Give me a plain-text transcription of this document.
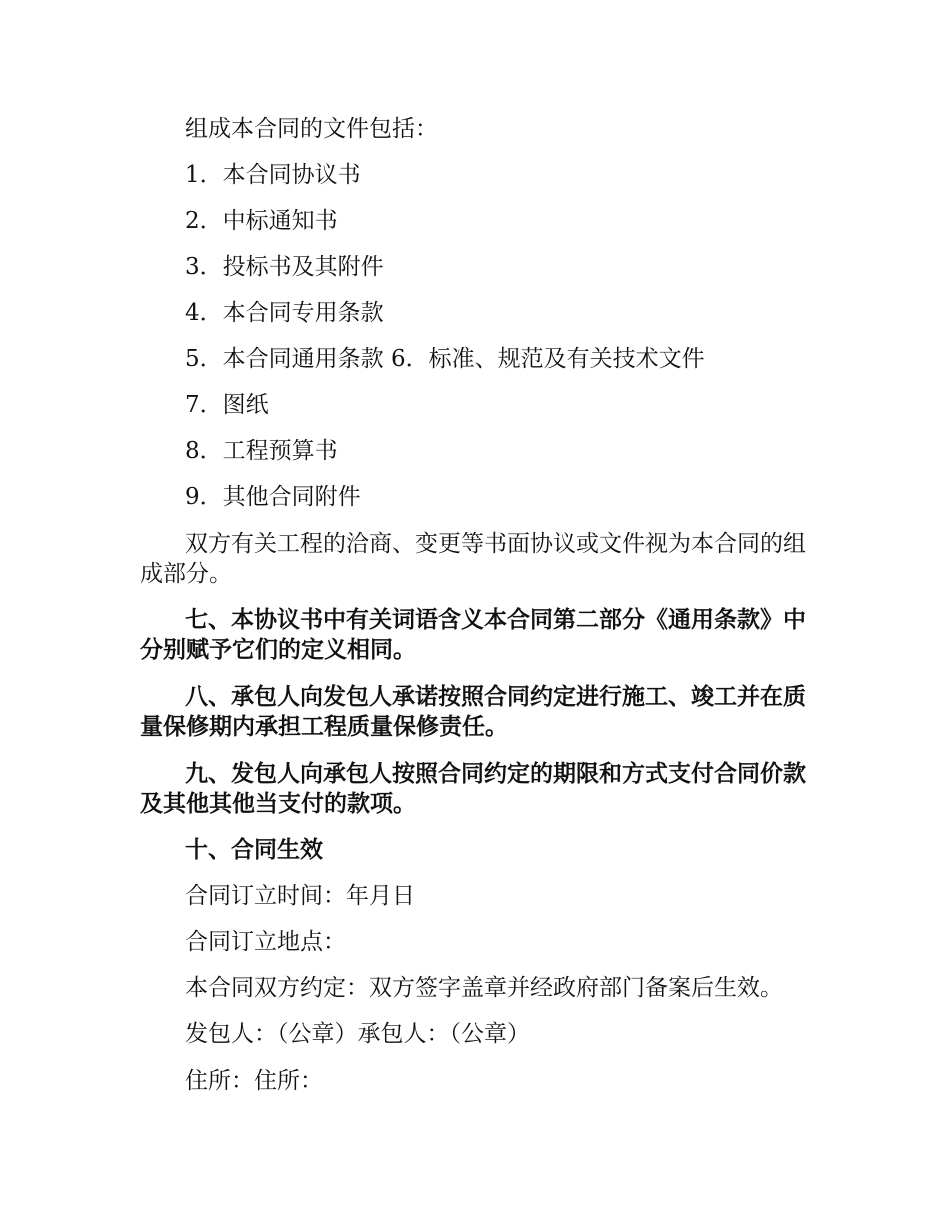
组成本合同的文件包括：
1．本合同协议书
2．中标通知书
3．投标书及其附件
4．本合同专用条款
5．本合同通用条款 6．标准、规范及有关技术文件
7．图纸
8．工程预算书
9．其他合同附件

双方有关工程的洽商、变更等书面协议或文件视为本合同的组成部分。

七、本协议书中有关词语含义本合同第二部分《通用条款》中分别赋予它们的定义相同。

八、承包人向发包人承诺按照合同约定进行施工、竣工并在质量保修期内承担工程质量保修责任。

九、发包人向承包人按照合同约定的期限和方式支付合同价款及其他其他当支付的款项。

十、合同生效
合同订立时间：年月日
合同订立地点：
本合同双方约定：双方签字盖章并经政府部门备案后生效。
发包人：（公章）承包人：（公章）
住所：住所：
